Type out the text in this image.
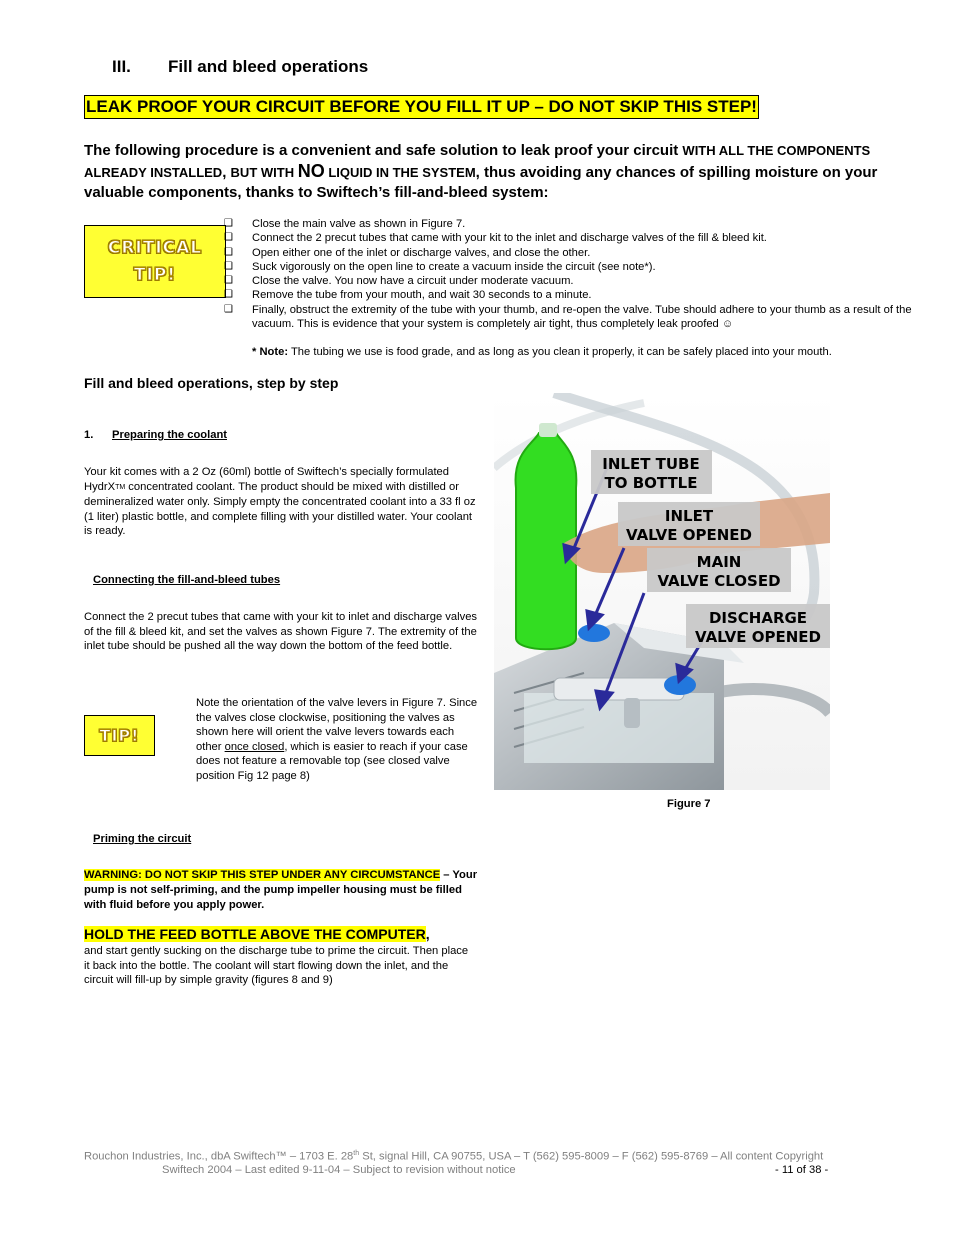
III. Fill and bleed operations
LEAK PROOF YOUR CIRCUIT BEFORE YOU FILL IT UP – DO NOT SKIP THIS STEP!
The following procedure is a convenient and safe solution to leak proof your circuit WITH ALL THE COMPONENTS ALREADY INSTALLED, BUT WITH NO LIQUID IN THE SYSTEM, thus avoiding any chances of spilling moisture on your valuable components, thanks to Swiftech’s fill-and-bleed system:
CRITICAL
TIP!
❑	Close the main valve as shown in Figure 7.
❑	Connect the 2 precut tubes that came with your kit to the inlet and discharge valves of the fill & bleed kit.
❑	Open either one of the inlet or discharge valves, and close the other.
❑	Suck vigorously on the open line to create a vacuum inside the circuit (see note*).
❑	Close the valve. You now have a circuit under moderate vacuum.
❑	Remove the tube from your mouth, and wait 30 seconds to a minute.
❑	Finally, obstruct the extremity of the tube with your thumb, and re-open the valve. Tube should adhere to your thumb as a result of the vacuum. This is evidence that your system is completely air tight, thus completely leak proofed ☺
* Note: The tubing we use is food grade, and as long as you clean it properly, it can be safely placed into your mouth.
Fill and bleed operations, step by step
1. Preparing the coolant
Your kit comes with a 2 Oz (60ml) bottle of Swiftech’s specially formulated HydrXTM concentrated coolant. The product should be mixed with distilled or demineralized water only. Simply empty the concentrated coolant into a 33 fl oz (1 liter) plastic bottle, and complete filling with your distilled water. Your coolant is ready.
Connecting the fill-and-bleed tubes
Connect the 2 precut tubes that came with your kit to inlet and discharge valves of the fill & bleed kit, and set the valves as shown Figure 7. The extremity of the inlet tube should be pushed all the way down the bottom of the feed bottle.
TIP!
Note the orientation of the valve levers in Figure 7. Since the valves close clockwise, positioning the valves as shown here will orient the valve levers towards each other once closed, which is easier to reach if your case does not feature a removable top (see closed valve position Fig 12 page 8)
INLET TUBE
TO BOTTLE
INLET
VALVE OPENED
MAIN
VALVE CLOSED
DISCHARGE
VALVE OPENED
Figure 7
Priming the circuit
WARNING: DO NOT SKIP THIS STEP UNDER ANY CIRCUMSTANCE – Your pump is not self-priming, and the pump impeller housing must be filled with fluid before you apply power.
HOLD THE FEED BOTTLE ABOVE THE COMPUTER,
and start gently sucking on the discharge tube to prime the circuit. Then place it back into the bottle. The coolant will start flowing down the inlet, and the circuit will fill-up by simple gravity (figures 8 and 9)
Rouchon Industries, Inc., dbA Swiftech™ – 1703 E. 28th St, signal Hill, CA 90755, USA – T (562) 595-8009 – F (562) 595-8769 – All content Copyright
Swiftech 2004 – Last edited 9-11-04 – Subject to revision without notice	- 11 of 38 -
